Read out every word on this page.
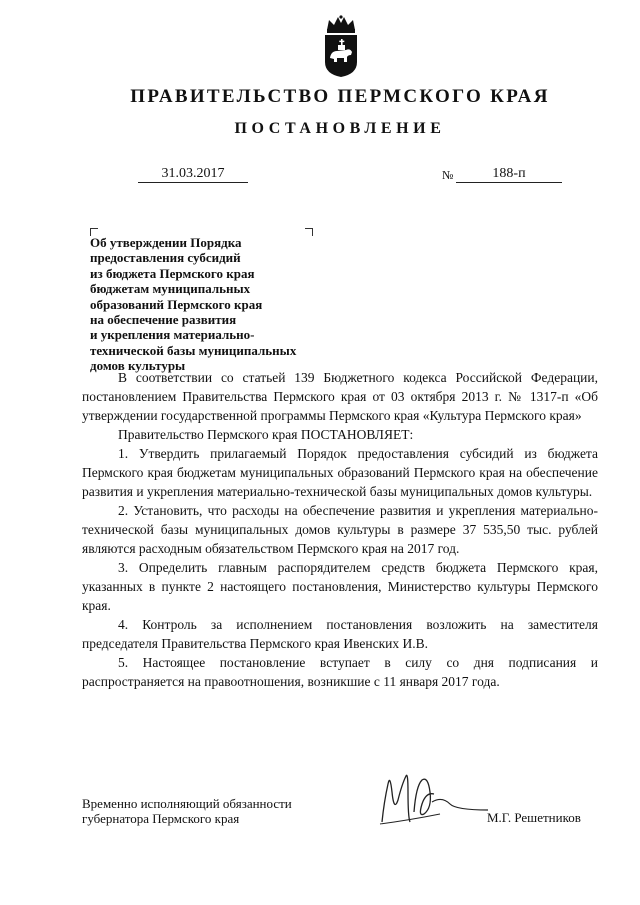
ПРАВИТЕЛЬСТВО ПЕРМСКОГО КРАЯ
ПОСТАНОВЛЕНИЕ
31.03.2017	№	188-п
Об утверждении Порядка
предоставления субсидий
из бюджета Пермского края
бюджетам муниципальных
образований Пермского края
на обеспечение развития
и укрепления материально-
технической базы муниципальных
домов культуры

В соответствии со статьей 139 Бюджетного кодекса Российской Федерации, постановлением Правительства Пермского края от 03 октября 2013 г. № 1317-п «Об утверждении государственной программы Пермского края «Культура Пермского края»

Правительство Пермского края ПОСТАНОВЛЯЕТ:

1. Утвердить прилагаемый Порядок предоставления субсидий из бюджета Пермского края бюджетам муниципальных образований Пермского края на обеспечение развития и укрепления материально-технической базы муниципальных домов культуры.

2. Установить, что расходы на обеспечение развития и укрепления материально-технической базы муниципальных домов культуры в размере 37 535,50 тыс. рублей являются расходным обязательством Пермского края на 2017 год.

3. Определить главным распорядителем средств бюджета Пермского края, указанных в пункте 2 настоящего постановления, Министерство культуры Пермского края.

4. Контроль за исполнением постановления возложить на заместителя председателя Правительства Пермского края Ивенских И.В.

5. Настоящее постановление вступает в силу со дня подписания и распространяется на правоотношения, возникшие с 11 января 2017 года.

Временно исполняющий обязанности
губернатора Пермского края	М.Г. Решетников
